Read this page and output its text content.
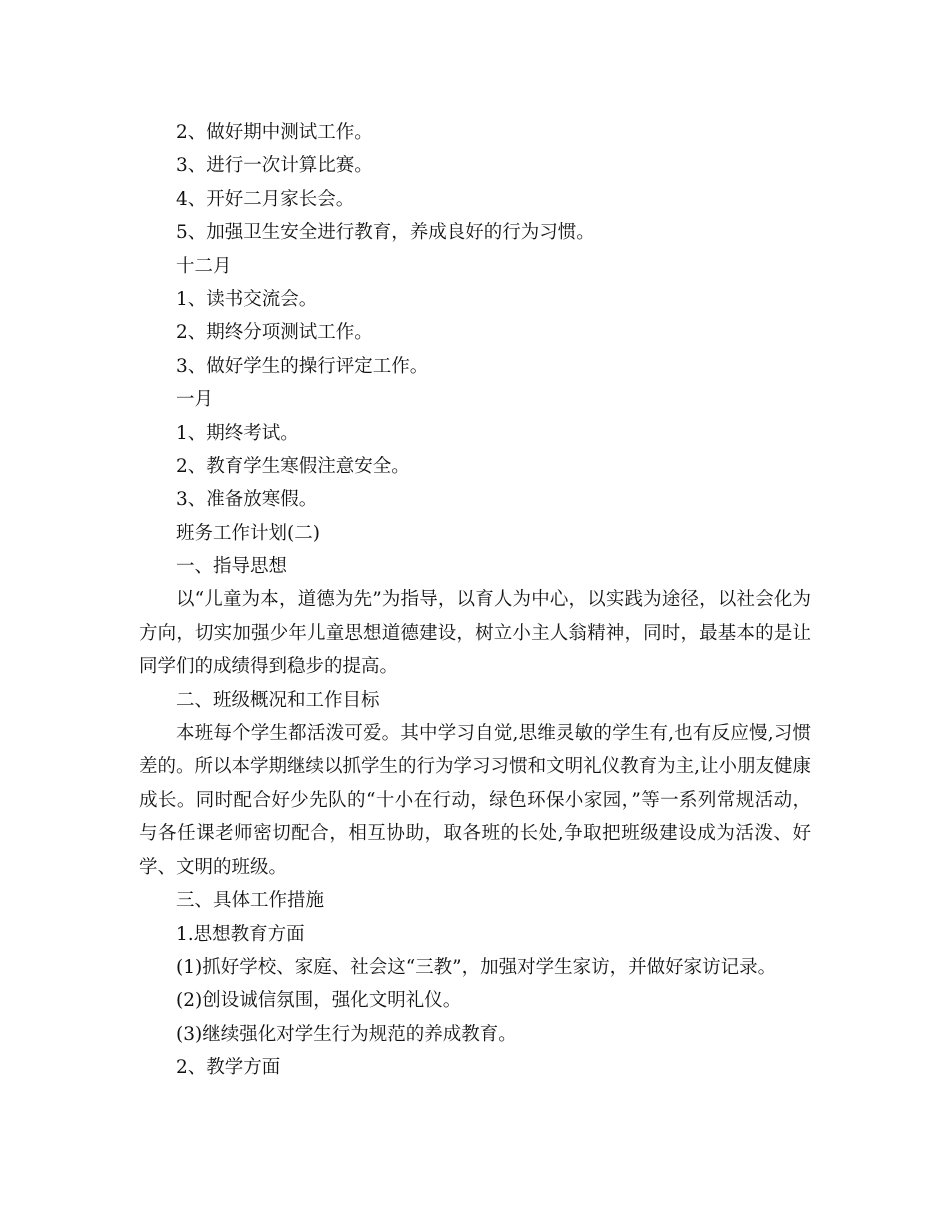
2、做好期中测试工作。
3、进行一次计算比赛。
4、开好二月家长会。
5、加强卫生安全进行教育，养成良好的行为习惯。
十二月
1、读书交流会。
2、期终分项测试工作。
3、做好学生的操行评定工作。
一月
1、期终考试。
2、教育学生寒假注意安全。
3、准备放寒假。
班务工作计划(二)
一、指导思想
以“儿童为本，道德为先”为指导，以育人为中心，以实践为途径，以社会化为方向，切实加强少年儿童思想道德建设，树立小主人翁精神，同时，最基本的是让同学们的成绩得到稳步的提高。
二、班级概况和工作目标
本班每个学生都活泼可爱。其中学习自觉,思维灵敏的学生有,也有反应慢,习惯差的。所以本学期继续以抓学生的行为学习习惯和文明礼仪教育为主,让小朋友健康成长。同时配合好少先队的“十小在行动，绿色环保小家园，”等一系列常规活动，与各任课老师密切配合，相互协助，取各班的长处,争取把班级建设成为活泼、好学、文明的班级。
三、具体工作措施
1.思想教育方面
(1)抓好学校、家庭、社会这“三教”，加强对学生家访，并做好家访记录。
(2)创设诚信氛围，强化文明礼仪。
(3)继续强化对学生行为规范的养成教育。
2、教学方面
